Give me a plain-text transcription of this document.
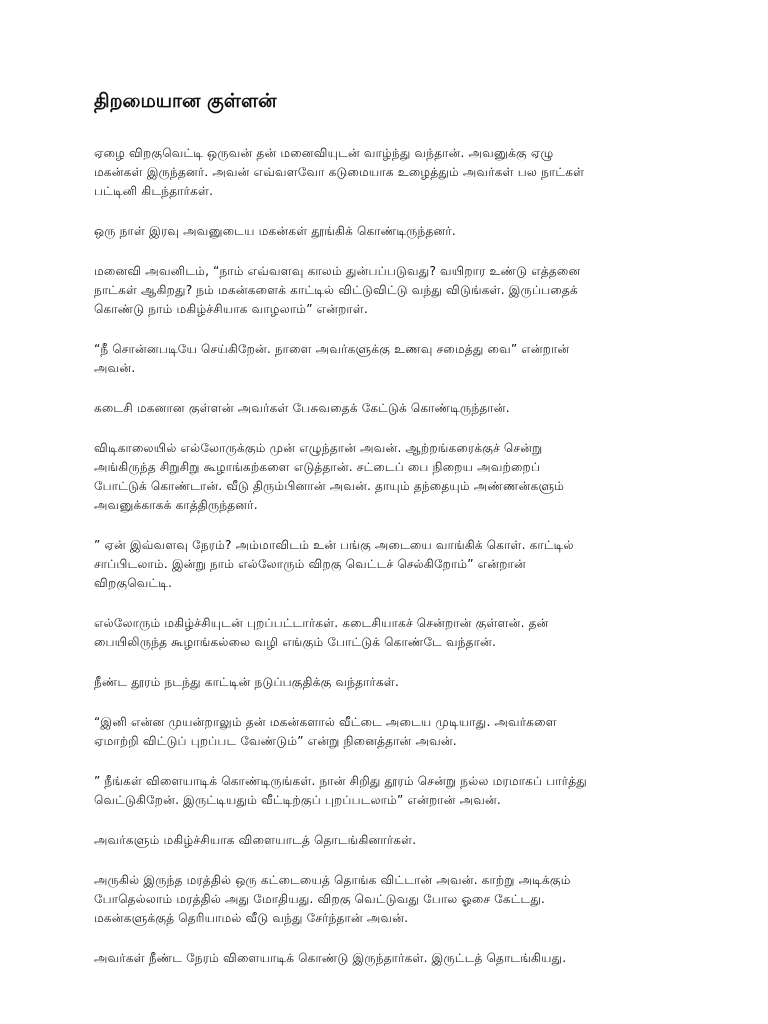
திறமையான குள்ளன்

ஏழை விறகுவெட்டி ஒருவன் தன் மனைவியுடன் வாழ்ந்து வந்தான். அவனுக்கு ஏழு
மகன்கள் இருந்தனர். அவன் எவ்வளவோ கடுமையாக உழைத்தும் அவர்கள் பல நாட்கள்
பட்டினி கிடந்தார்கள்.

ஒரு நாள் இரவு அவனுடைய மகன்கள் தூங்கிக் கொண்டிருந்தனர்.

மனைவி அவனிடம், “நாம் எவ்வளவு காலம் துன்பப்படுவது? வயிறார உண்டு எத்தனை
நாட்கள் ஆகிறது? நம் மகன்களைக் காட்டில் விட்டுவிட்டு வந்து விடுங்கள். இருப்பதைக்
கொண்டு நாம் மகிழ்ச்சியாக வாழலாம்” என்றாள்.

“நீ சொன்னபடியே செய்கிறேன். நாளை அவர்களுக்கு உணவு சமைத்து வை” என்றான்
அவன்.

கடைசி மகனான குள்ளன் அவர்கள் பேசுவதைக் கேட்டுக் கொண்டிருந்தான்.

விடிகாலையில் எல்லோருக்கும் முன் எழுந்தான் அவன். ஆற்றங்கரைக்குச் சென்று
அங்கிருந்த சிறுசிறு கூழாங்கற்களை எடுத்தான். சட்டைப் பை நிறைய அவற்றைப்
போட்டுக் கொண்டான். வீடு திரும்பினான் அவன். தாயும் தந்தையும் அண்ணன்களும்
அவனுக்காகக் காத்திருந்தனர்.

” ஏன் இவ்வளவு நேரம்? அம்மாவிடம் உன் பங்கு அடையை வாங்கிக் கொள். காட்டில்
சாப்பிடலாம். இன்று நாம் எல்லோரும் விறகு வெட்டச் செல்கிறோம்” என்றான்
விறகுவெட்டி.

எல்லோரும் மகிழ்ச்சியுடன் புறப்பட்டார்கள். கடைசியாகச் சென்றான் குள்ளன். தன்
பையிலிருந்த கூழாங்கல்லை வழி எங்கும் போட்டுக் கொண்டே வந்தான்.

நீண்ட தூரம் நடந்து காட்டின் நடுப்பகுதிக்கு வந்தார்கள்.

“இனி என்ன முயன்றாலும் தன் மகன்களால் வீட்டை அடைய முடியாது. அவர்களை
ஏமாற்றி விட்டுப் புறப்பட வேண்டும்” என்று நினைத்தான் அவன்.

” நீங்கள் விளையாடிக் கொண்டிருங்கள். நான் சிறிது தூரம் சென்று நல்ல மரமாகப் பார்த்து
வெட்டுகிறேன். இருட்டியதும் வீட்டிற்குப் புறப்படலாம்” என்றான் அவன்.

அவர்களும் மகிழ்ச்சியாக விளையாடத் தொடங்கினார்கள்.

அருகில் இருந்த மரத்தில் ஒரு கட்டையைத் தொங்க விட்டான் அவன். காற்று அடிக்கும்
போதெல்லாம் மரத்தில் அது மோதியது. விறகு வெட்டுவது போல ஓசை கேட்டது.
மகன்களுக்குத் தெரியாமல் வீடு வந்து சேர்ந்தான் அவன்.

அவர்கள் நீண்ட நேரம் விளையாடிக் கொண்டு இருந்தார்கள். இருட்டத் தொடங்கியது.
